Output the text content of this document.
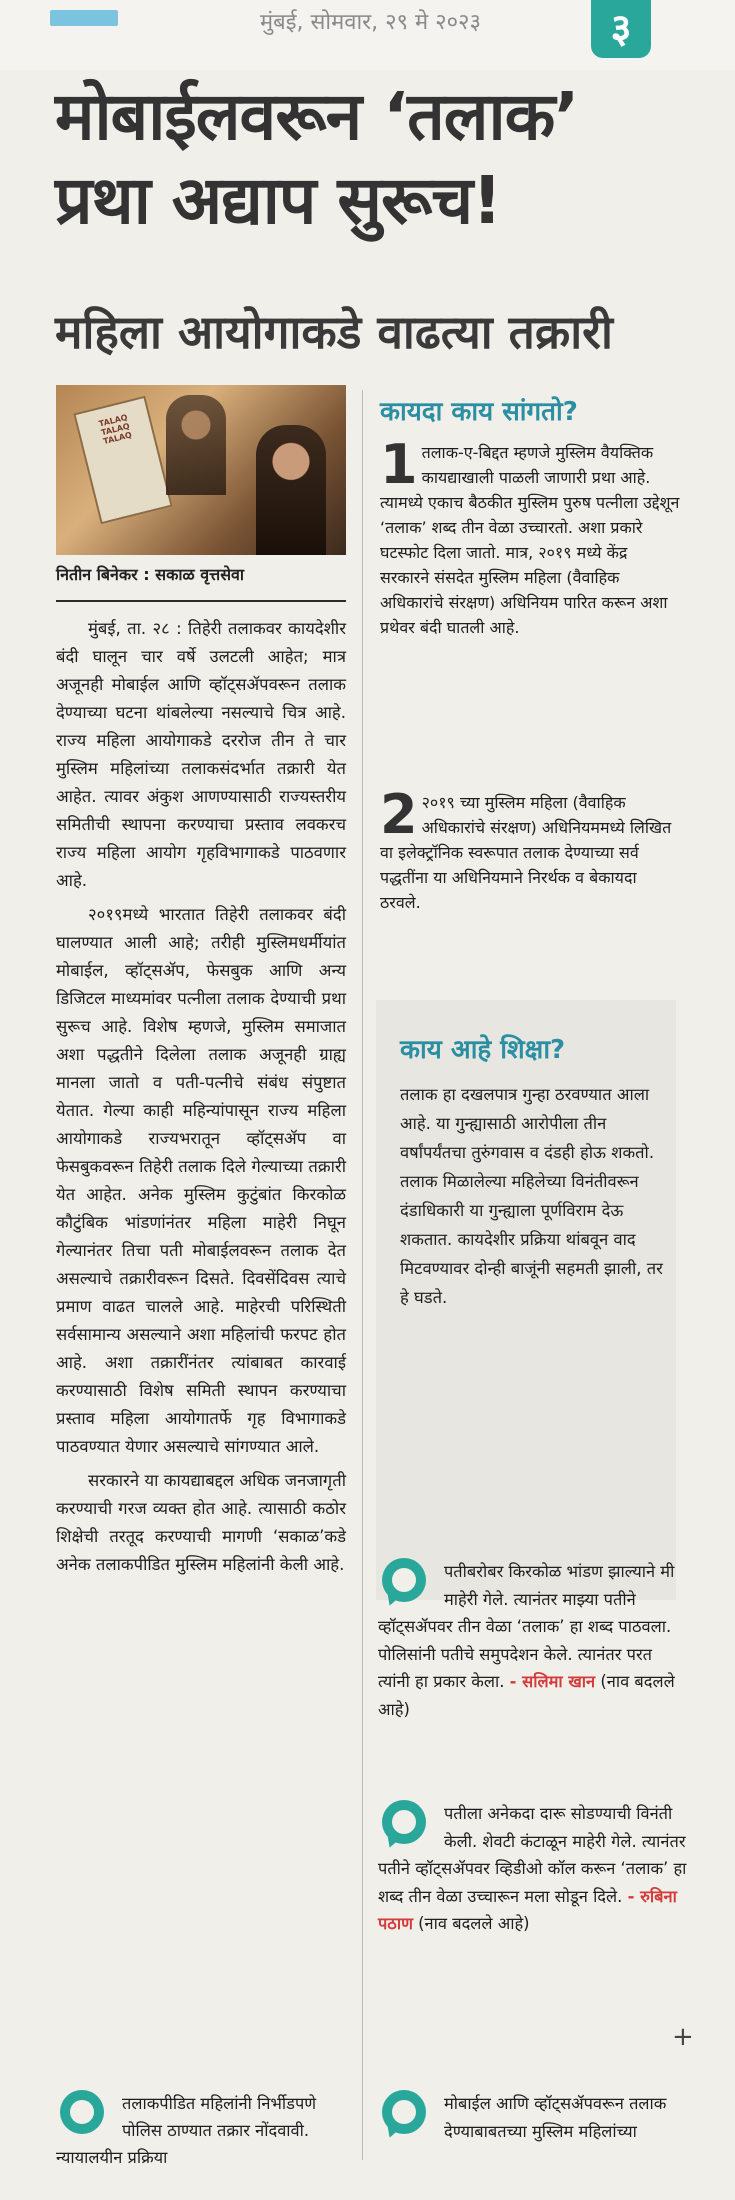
मुंबई, सोमवार, २९ मे २०२३	३
मोबाईलवरून ‘तलाक’ प्रथा अद्याप सुरूच!
महिला आयोगाकडे वाढत्या तक्रारी
TALAQ TALAQ TALAQ
नितीन बिनेकर : सकाळ वृत्तसेवा

मुंबई, ता. २८ : तिहेरी तलाकवर कायदेशीर बंदी घालून चार वर्षे उलटली आहेत; मात्र अजूनही मोबाईल आणि व्हॉट्सॲपवरून तलाक देण्याच्या घटना थांबलेल्या नसल्याचे चित्र आहे. राज्य महिला आयोगाकडे दररोज तीन ते चार मुस्लिम महिलांच्या तलाकसंदर्भात तक्रारी येत आहेत. त्यावर अंकुश आणण्यासाठी राज्यस्तरीय समितीची स्थापना करण्याचा प्रस्ताव लवकरच राज्य महिला आयोग गृहविभागाकडे पाठवणार आहे.

२०१९मध्ये भारतात तिहेरी तलाकवर बंदी घालण्यात आली आहे; तरीही मुस्लिमधर्मीयांत मोबाईल, व्हॉट्सॲप, फेसबुक आणि अन्य डिजिटल माध्यमांवर पत्नीला तलाक देण्याची प्रथा सुरूच आहे. विशेष म्हणजे, मुस्लिम समाजात अशा पद्धतीने दिलेला तलाक अजूनही ग्राह्य मानला जातो व पती-पत्नीचे संबंध संपुष्टात येतात. गेल्या काही महिन्यांपासून राज्य महिला आयोगाकडे राज्यभरातून व्हॉट्सॲप वा फेसबुकवरून तिहेरी तलाक दिले गेल्याच्या तक्रारी येत आहेत. अनेक मुस्लिम कुटुंबांत किरकोळ कौटुंबिक भांडणांनंतर महिला माहेरी निघून गेल्यानंतर तिचा पती मोबाईलवरून तलाक देत असल्याचे तक्रारीवरून दिसते. दिवसेंदिवस त्याचे प्रमाण वाढत चालले आहे. माहेरची परिस्थिती सर्वसामान्य असल्याने अशा महिलांची फरपट होत आहे. अशा तक्रारींनंतर त्यांबाबत कारवाई करण्यासाठी विशेष समिती स्थापन करण्याचा प्रस्ताव महिला आयोगातर्फे गृह विभागाकडे पाठवण्यात येणार असल्याचे सांगण्यात आले.

सरकारने या कायद्याबद्दल अधिक जनजागृती करण्याची गरज व्यक्त होत आहे. त्यासाठी कठोर शिक्षेची तरतूद करण्याची मागणी ‘सकाळ’कडे अनेक तलाकपीडित मुस्लिम महिलांनी केली आहे.

कायदा काय सांगतो?
1 तलाक-ए-बिद्दत म्हणजे मुस्लिम वैयक्तिक कायद्याखाली पाळली जाणारी प्रथा आहे. त्यामध्ये एकाच बैठकीत मुस्लिम पुरुष पत्नीला उद्देशून ‘तलाक’ शब्द तीन वेळा उच्चारतो. अशा प्रकारे घटस्फोट दिला जातो. मात्र, २०१९ मध्ये केंद्र सरकारने संसदेत मुस्लिम महिला (वैवाहिक अधिकारांचे संरक्षण) अधिनियम पारित करून अशा प्रथेवर बंदी घातली आहे.
2 २०१९ च्या मुस्लिम महिला (वैवाहिक अधिकारांचे संरक्षण) अधिनियममध्ये लिखित वा इलेक्ट्रॉनिक स्वरूपात तलाक देण्याच्या सर्व पद्धतींना या अधिनियमाने निरर्थक व बेकायदा ठरवले.
काय आहे शिक्षा?
तलाक हा दखलपात्र गुन्हा ठरवण्यात आला आहे. या गुन्ह्यासाठी आरोपीला तीन वर्षांपर्यंतचा तुरुंगवास व दंडही होऊ शकतो. तलाक मिळालेल्या महिलेच्या विनंतीवरून दंडाधिकारी या गुन्ह्याला पूर्णविराम देऊ शकतात. कायदेशीर प्रक्रिया थांबवून वाद मिटवण्यावर दोन्ही बाजूंनी सहमती झाली, तर हे घडते.
पतीबरोबर किरकोळ भांडण झाल्याने मी माहेरी गेले. त्यानंतर माझ्या पतीने व्हॉट्सॲपवर तीन वेळा ‘तलाक’ हा शब्द पाठवला. पोलिसांनी पतीचे समुपदेशन केले. त्यानंतर परत त्यांनी हा प्रकार केला. - सलिमा खान (नाव बदलले आहे)
पतीला अनेकदा दारू सोडण्याची विनंती केली. शेवटी कंटाळून माहेरी गेले. त्यानंतर पतीने व्हॉट्सॲपवर व्हिडीओ कॉल करून ‘तलाक’ हा शब्द तीन वेळा उच्चारून मला सोडून दिले. - रुबिना पठाण (नाव बदलले आहे)
+
मोबाईल आणि व्हॉट्सॲपवरून तलाक देण्याबाबतच्या मुस्लिम महिलांच्या
तलाकपीडित महिलांनी निर्भीडपणे पोलिस ठाण्यात तक्रार नोंदवावी. न्यायालयीन प्रक्रिया
